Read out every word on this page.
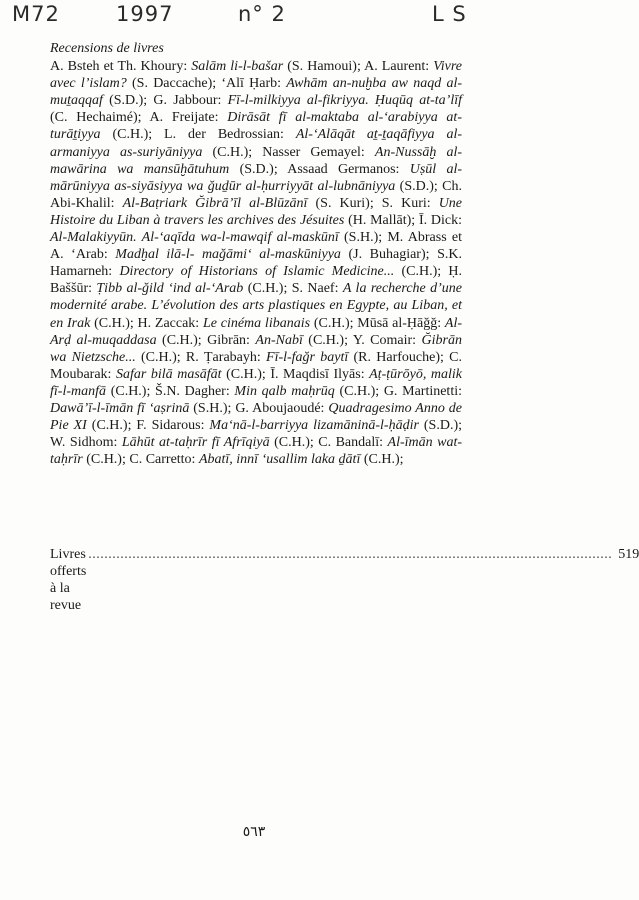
M72	1997	n° 2	L S

Recensions de livres

A. Bsteh et Th. Khoury: Salām li-l-bašar (S. Hamoui); A. Laurent: Vivre avec l’islam? (S. Daccache); ‘Alī Ḥarb: Awhām an-nuḫba aw naqd al-muṯaqqaf (S.D.); G. Jabbour: Fī-l-milkiyya al-fikriyya. Ḥuqūq at-ta’līf (C. Hechaimé); A. Freijate: Dirāsāt fī al-maktaba al-‘arabiyya at-turāṯiyya (C.H.); L. der Bedrossian: Al-‘Alāqāt aṯ-ṯaqāfiyya al-armaniyya as-suriyāniyya (C.H.); Nasser Gemayel: An-Nussāḫ al-mawārina wa mansūḫātuhum (S.D.); Assaad Germanos: Uṣūl al-mārūniyya as-siyāsiyya wa ğuḏūr al-ḥurriyyāt al-lubnāniyya (S.D.); Ch. Abi-Khalil: Al-Baṭriark Ğibrā’īl al-Blūzānī (S. Kuri); S. Kuri: Une Histoire du Liban à travers les archives des Jésuites (H. Mallāt); Ī. Dick: Al-Malakiyyūn. Al-‘aqīda wa-l-mawqif al-maskūnī (S.H.); M. Abrass et A. ‘Arab: Madḫal ilā-l- mağāmi‘ al-maskūniyya (J. Buhagiar); S.K. Hamarneh: Directory of Historians of Islamic Medicine... (C.H.); Ḥ. Baššūr: Ṭibb al-ğild ‘ind al-‘Arab (C.H.); S. Naef: A la recherche d’une modernité arabe. L’évolution des arts plastiques en Egypte, au Liban, et en Irak (C.H.); H. Zaccak: Le cinéma libanais (C.H.); Mūsā al-Ḥāğğ: Al-Arḍ al-muqaddasa (C.H.); Gibrān: An-Nabī (C.H.); Y. Comair: Ğibrān wa Nietzsche... (C.H.); R. Ṭarabayh: Fī-l-fağr baytī (R. Harfouche); C. Moubarak: Safar bilā masāfāt (C.H.); Ī. Maqdisī Ilyās: Aṭ-ṭūrōyō, malik fī-l-manfā (C.H.); Š.N. Dagher: Min qalb maḥrūq (C.H.); G. Martinetti: Dawā’ī-l-īmān fī ‘aṣrinā (S.H.); G. Aboujaoudé: Quadragesimo Anno de Pie XI (C.H.); F. Sidarous: Ma‘nā-l-barriyya lizamāninā-l-ḥāḍir (S.D.); W. Sidhom: Lāhūt at-taḥrīr fī Afrīqiyā (C.H.); C. Bandalī: Al-īmān wat-taḥrīr (C.H.); C. Carretto: Abatī, innī ‘usallim laka ḏātī (C.H.);

Livres offerts à la revue
................................................................................................................................... 519
٥٦٣
